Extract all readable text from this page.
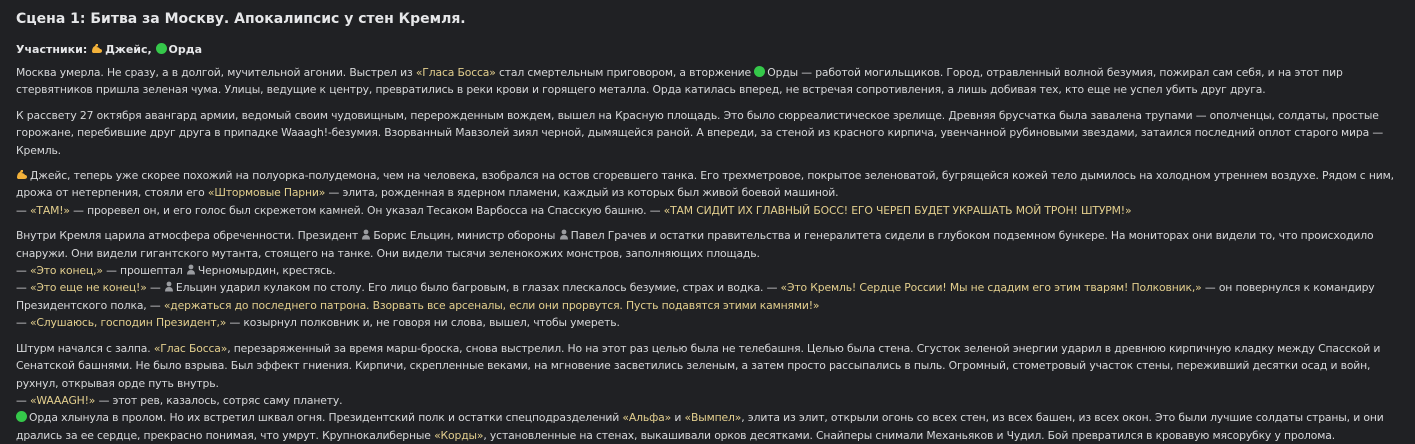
Сцена 1: Битва за Москву. Апокалипсис у стен Кремля.
Участники: Джейс, Орда

Москва умерла. Не сразу, а в долгой, мучительной агонии. Выстрел из «Гласа Босса» стал смертельным приговором, а вторжение Орды — работой могильщиков. Город, отравленный волной безумия, пожирал сам себя, и на этот пир стервятников пришла зеленая чума. Улицы, ведущие к центру, превратились в реки крови и горящего металла. Орда катилась вперед, не встречая сопротивления, а лишь добивая тех, кто еще не успел убить друг друга.

К рассвету 27 октября авангард армии, ведомый своим чудовищным, перерожденным вождем, вышел на Красную площадь. Это было сюрреалистическое зрелище. Древняя брусчатка была завалена трупами — ополченцы, солдаты, простые горожане, перебившие друг друга в припадке Waaagh!-безумия. Взорванный Мавзолей зиял черной, дымящейся раной. А впереди, за стеной из красного кирпича, увенчанной рубиновыми звездами, затаился последний оплот старого мира — Кремль.

Джейс, теперь уже скорее похожий на полуорка-полудемона, чем на человека, взобрался на остов сгоревшего танка. Его трехметровое, покрытое зеленоватой, бугрящейся кожей тело дымилось на холодном утреннем воздухе. Рядом с ним, дрожа от нетерпения, стояли его «Штормовые Парни» — элита, рожденная в ядерном пламени, каждый из которых был живой боевой машиной.
— «ТАМ!» — проревел он, и его голос был скрежетом камней. Он указал Тесаком Варбосса на Спасскую башню. — «ТАМ СИДИТ ИХ ГЛАВНЫЙ БОСС! ЕГО ЧЕРЕП БУДЕТ УКРАШАТЬ МОЙ ТРОН! ШТУРМ!»

Внутри Кремля царила атмосфера обреченности. Президент Борис Ельцин, министр обороны Павел Грачев и остатки правительства и генералитета сидели в глубоком подземном бункере. На мониторах они видели то, что происходило снаружи. Они видели гигантского мутанта, стоящего на танке. Они видели тысячи зеленокожих монстров, заполняющих площадь.
— «Это конец,» — прошептал Черномырдин, крестясь.
— «Это еще не конец!» — Ельцин ударил кулаком по столу. Его лицо было багровым, в глазах плескалось безумие, страх и водка. — «Это Кремль! Сердце России! Мы не сдадим его этим тварям! Полковник,» — он повернулся к командиру Президентского полка, — «держаться до последнего патрона. Взорвать все арсеналы, если они прорвутся. Пусть подавятся этими камнями!»
— «Слушаюсь, господин Президент,» — козырнул полковник и, не говоря ни слова, вышел, чтобы умереть.

Штурм начался с залпа. «Глас Босса», перезаряженный за время марш-броска, снова выстрелил. Но на этот раз целью была не телебашня. Целью была стена. Сгусток зеленой энергии ударил в древнюю кирпичную кладку между Спасской и Сенатской башнями. Не было взрыва. Был эффект гниения. Кирпичи, скрепленные веками, на мгновение засветились зеленым, а затем просто рассыпались в пыль. Огромный, стометровый участок стены, переживший десятки осад и войн, рухнул, открывая орде путь внутрь.
— «WAAAGH!» — этот рев, казалось, сотряс саму планету.
Орда хлынула в пролом. Но их встретил шквал огня. Президентский полк и остатки спецподразделений «Альфа» и «Вымпел», элита из элит, открыли огонь со всех стен, из всех башен, из всех окон. Это были лучшие солдаты страны, и они дрались за ее сердце, прекрасно понимая, что умрут. Крупнокалиберные «Корды», установленные на стенах, выкашивали орков десятками. Снайперы снимали Механьяков и Чудил. Бой превратился в кровавую мясорубку у пролома.
